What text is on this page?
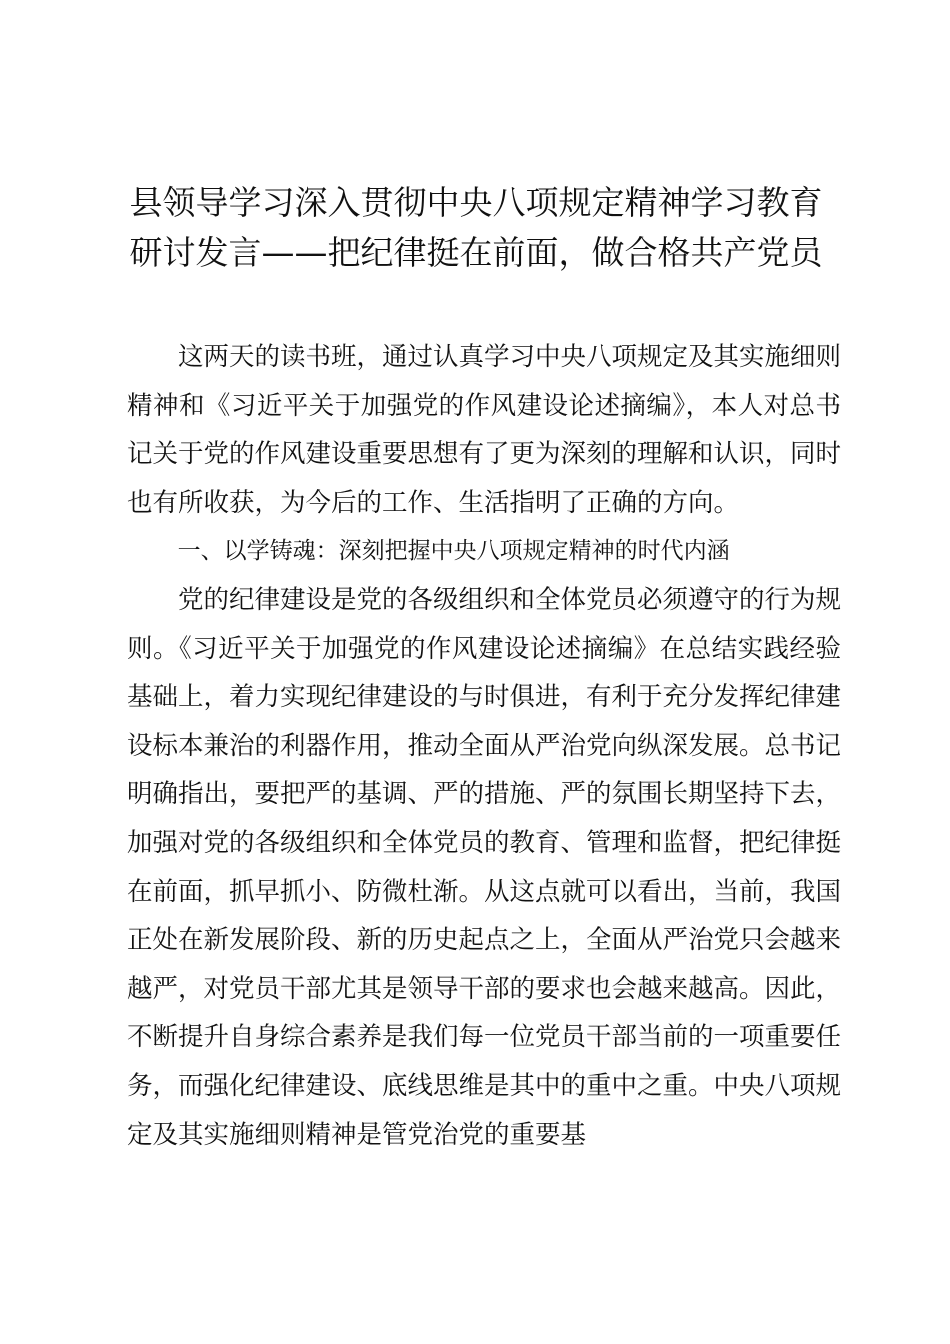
县领导学习深入贯彻中央八项规定精神学习教育研讨发言——把纪律挺在前面，做合格共产党员

这两天的读书班，通过认真学习中央八项规定及其实施细则精神和《习近平关于加强党的作风建设论述摘编》，本人对总书记关于党的作风建设重要思想有了更为深刻的理解和认识，同时也有所收获，为今后的工作、生活指明了正确的方向。

一、以学铸魂：深刻把握中央八项规定精神的时代内涵

党的纪律建设是党的各级组织和全体党员必须遵守的行为规则。《习近平关于加强党的作风建设论述摘编》在总结实践经验基础上，着力实现纪律建设的与时俱进，有利于充分发挥纪律建设标本兼治的利器作用，推动全面从严治党向纵深发展。总书记明确指出，要把严的基调、严的措施、严的氛围长期坚持下去，加强对党的各级组织和全体党员的教育、管理和监督，把纪律挺在前面，抓早抓小、防微杜渐。从这点就可以看出，当前，我国正处在新发展阶段、新的历史起点之上，全面从严治党只会越来越严，对党员干部尤其是领导干部的要求也会越来越高。因此，不断提升自身综合素养是我们每一位党员干部当前的一项重要任务，而强化纪律建设、底线思维是其中的重中之重。中央八项规定及其实施细则精神是管党治党的重要基
